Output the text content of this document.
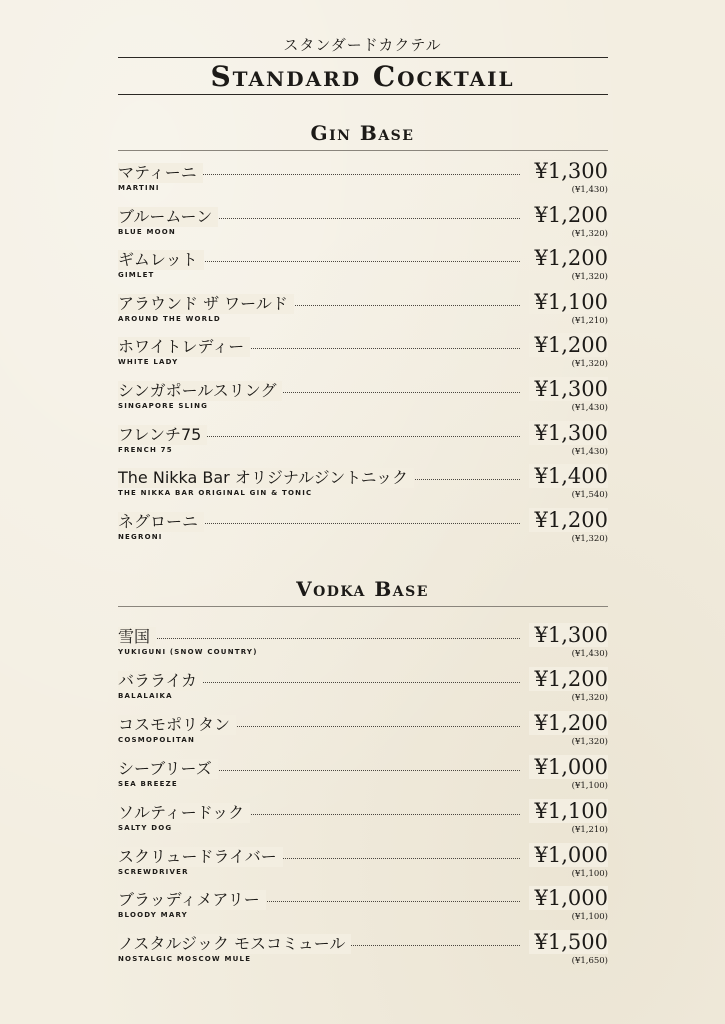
スタンダードカクテル
Standard Cocktail
Gin Base
マティーニ
MARTINI
¥1,300
(¥1,430)
ブルームーン
BLUE MOON
¥1,200
(¥1,320)
ギムレット
GIMLET
¥1,200
(¥1,320)
アラウンド ザ ワールド
AROUND THE WORLD
¥1,100
(¥1,210)
ホワイトレディー
WHITE LADY
¥1,200
(¥1,320)
シンガポールスリング
SINGAPORE SLING
¥1,300
(¥1,430)
フレンチ75
FRENCH 75
¥1,300
(¥1,430)
The Nikka Bar オリジナルジントニック
THE NIKKA BAR ORIGINAL GIN & TONIC
¥1,400
(¥1,540)
ネグローニ
NEGRONI
¥1,200
(¥1,320)
Vodka Base
雪国
YUKIGUNI (SNOW COUNTRY)
¥1,300
(¥1,430)
バラライカ
BALALAIKA
¥1,200
(¥1,320)
コスモポリタン
COSMOPOLITAN
¥1,200
(¥1,320)
シーブリーズ
SEA BREEZE
¥1,000
(¥1,100)
ソルティードック
SALTY DOG
¥1,100
(¥1,210)
スクリュードライバー
SCREWDRIVER
¥1,000
(¥1,100)
ブラッディメアリー
BLOODY MARY
¥1,000
(¥1,100)
ノスタルジック モスコミュール
NOSTALGIC MOSCOW MULE
¥1,500
(¥1,650)
